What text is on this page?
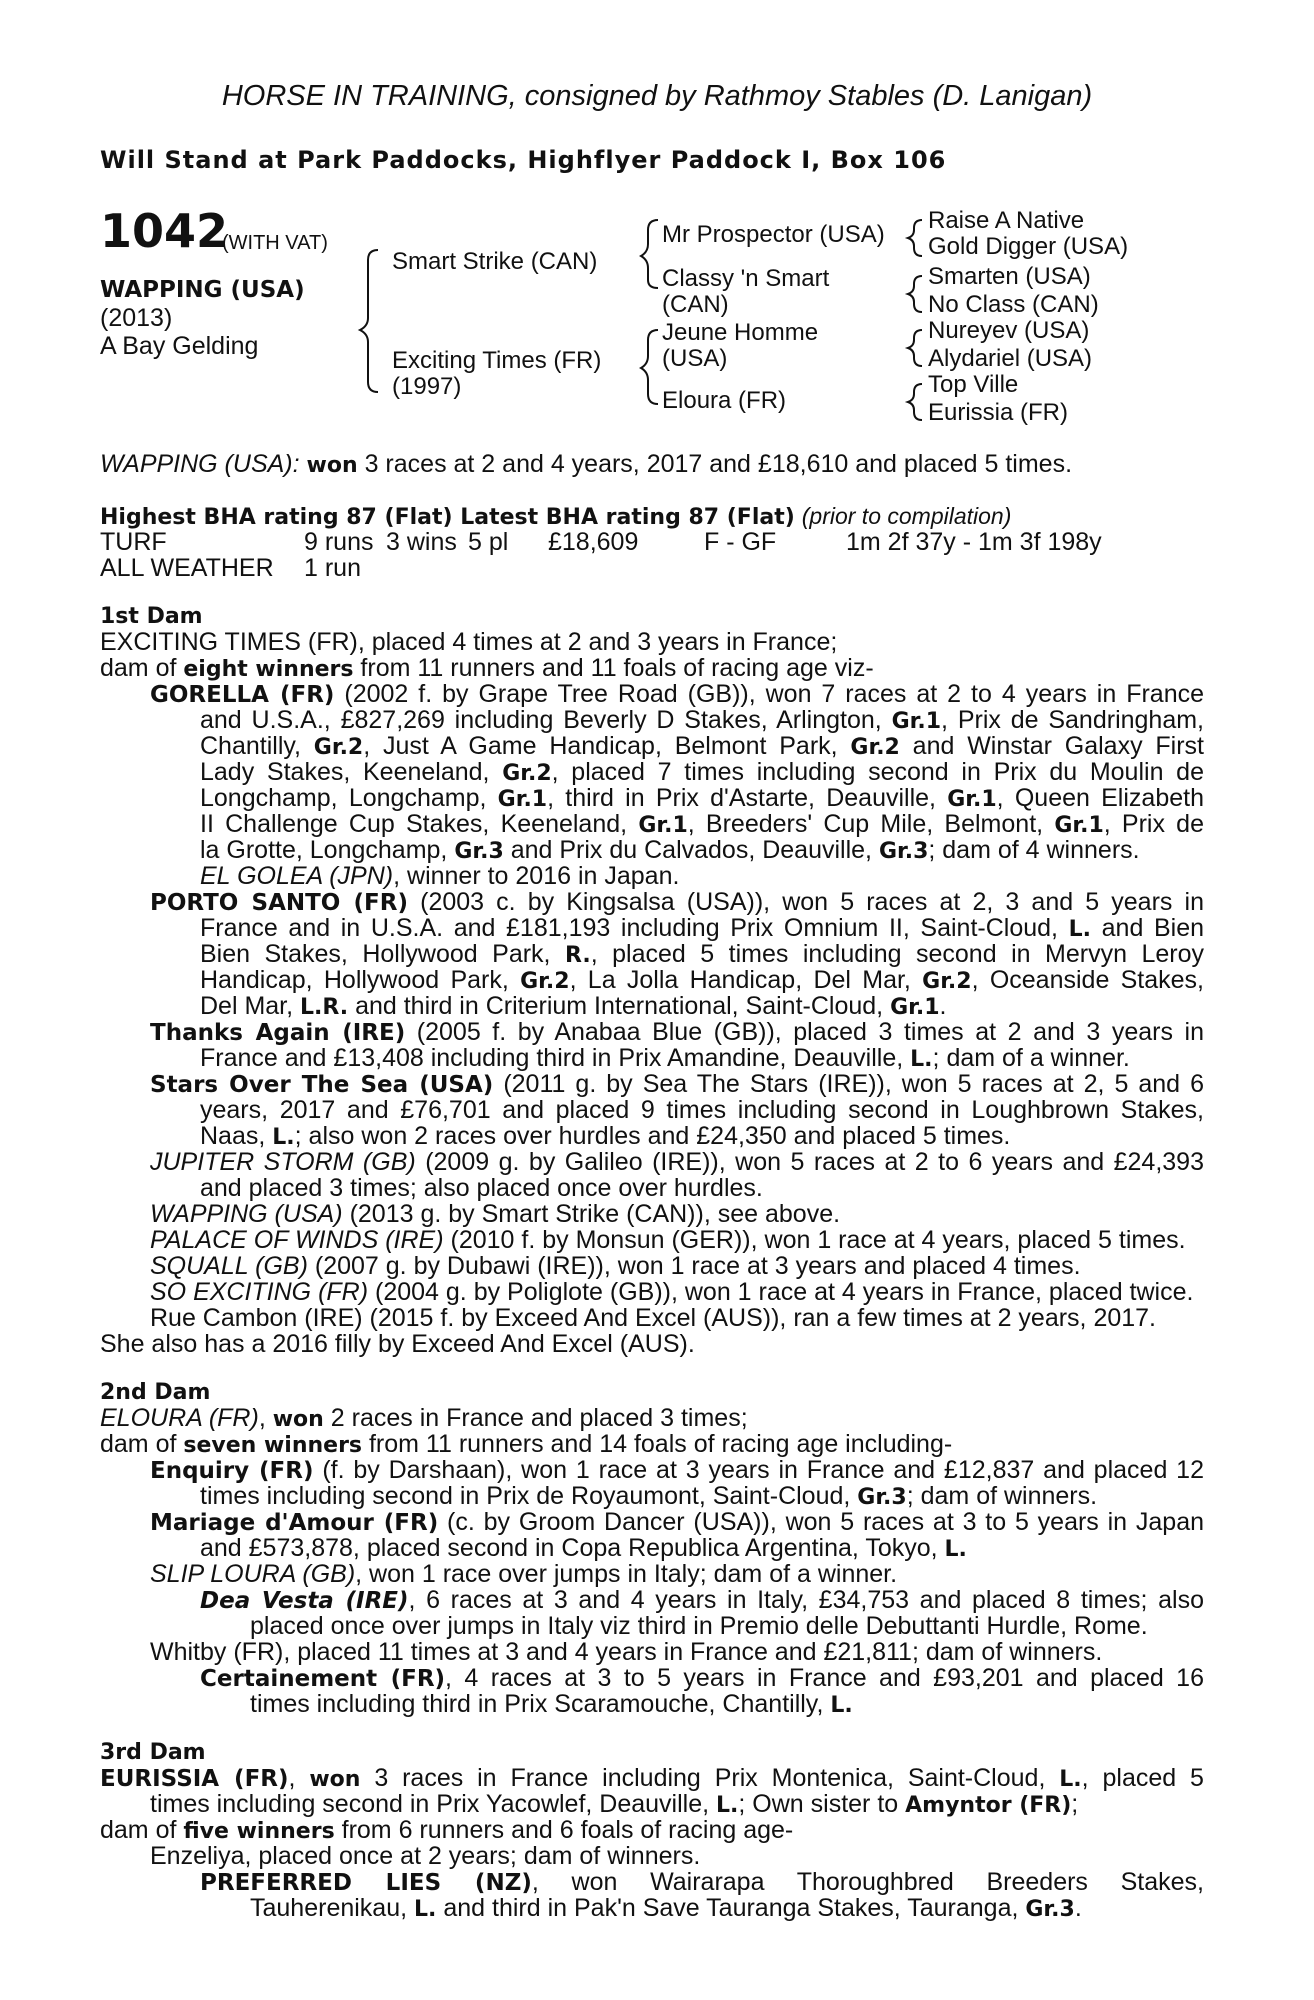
HORSE IN TRAINING, consigned by Rathmoy Stables (D. Lanigan)
Will Stand at Park Paddocks, Highflyer Paddock I, Box 106
1042
(WITH VAT)
WAPPING (USA)
(2013)
A Bay Gelding
Smart Strike (CAN)
Exciting Times (FR)
(1997)
Mr Prospector (USA)
Classy 'n Smart
(CAN)
Jeune Homme
(USA)
Eloura (FR)
Raise A Native
Gold Digger (USA)
Smarten (USA)
No Class (CAN)
Nureyev (USA)
Alydariel (USA)
Top Ville
Eurissia (FR)
WAPPING (USA): won 3 races at 2 and 4 years, 2017 and £18,610 and placed 5 times.
Highest BHA rating 87 (Flat) Latest BHA rating 87 (Flat) (prior to compilation)
TURF	9 runs 3 wins 5 pl £18,609	F - GF	1m 2f 37y - 1m 3f 198y
ALL WEATHER 1 run
1st Dam
EXCITING TIMES (FR), placed 4 times at 2 and 3 years in France;
dam of eight winners from 11 runners and 11 foals of racing age viz-
GORELLA (FR) (2002 f. by Grape Tree Road (GB)), won 7 races at 2 to 4 years in France
and U.S.A., £827,269 including Beverly D Stakes, Arlington, Gr.1, Prix de Sandringham,
Chantilly, Gr.2, Just A Game Handicap, Belmont Park, Gr.2 and Winstar Galaxy First
Lady Stakes, Keeneland, Gr.2, placed 7 times including second in Prix du Moulin de
Longchamp, Longchamp, Gr.1, third in Prix d'Astarte, Deauville, Gr.1, Queen Elizabeth
II Challenge Cup Stakes, Keeneland, Gr.1, Breeders' Cup Mile, Belmont, Gr.1, Prix de
la Grotte, Longchamp, Gr.3 and Prix du Calvados, Deauville, Gr.3; dam of 4 winners.
EL GOLEA (JPN), winner to 2016 in Japan.
PORTO SANTO (FR) (2003 c. by Kingsalsa (USA)), won 5 races at 2, 3 and 5 years in
France and in U.S.A. and £181,193 including Prix Omnium II, Saint-Cloud, L. and Bien
Bien Stakes, Hollywood Park, R., placed 5 times including second in Mervyn Leroy
Handicap, Hollywood Park, Gr.2, La Jolla Handicap, Del Mar, Gr.2, Oceanside Stakes,
Del Mar, L.R. and third in Criterium International, Saint-Cloud, Gr.1.
Thanks Again (IRE) (2005 f. by Anabaa Blue (GB)), placed 3 times at 2 and 3 years in
France and £13,408 including third in Prix Amandine, Deauville, L.; dam of a winner.
Stars Over The Sea (USA) (2011 g. by Sea The Stars (IRE)), won 5 races at 2, 5 and 6
years, 2017 and £76,701 and placed 9 times including second in Loughbrown Stakes,
Naas, L.; also won 2 races over hurdles and £24,350 and placed 5 times.
JUPITER STORM (GB) (2009 g. by Galileo (IRE)), won 5 races at 2 to 6 years and £24,393
and placed 3 times; also placed once over hurdles.
WAPPING (USA) (2013 g. by Smart Strike (CAN)), see above.
PALACE OF WINDS (IRE) (2010 f. by Monsun (GER)), won 1 race at 4 years, placed 5 times.
SQUALL (GB) (2007 g. by Dubawi (IRE)), won 1 race at 3 years and placed 4 times.
SO EXCITING (FR) (2004 g. by Poliglote (GB)), won 1 race at 4 years in France, placed twice.
Rue Cambon (IRE) (2015 f. by Exceed And Excel (AUS)), ran a few times at 2 years, 2017.
She also has a 2016 filly by Exceed And Excel (AUS).
2nd Dam
ELOURA (FR), won 2 races in France and placed 3 times;
dam of seven winners from 11 runners and 14 foals of racing age including-
Enquiry (FR) (f. by Darshaan), won 1 race at 3 years in France and £12,837 and placed 12
times including second in Prix de Royaumont, Saint-Cloud, Gr.3; dam of winners.
Mariage d'Amour (FR) (c. by Groom Dancer (USA)), won 5 races at 3 to 5 years in Japan
and £573,878, placed second in Copa Republica Argentina, Tokyo, L.
SLIP LOURA (GB), won 1 race over jumps in Italy; dam of a winner.
Dea Vesta (IRE), 6 races at 3 and 4 years in Italy, £34,753 and placed 8 times; also
placed once over jumps in Italy viz third in Premio delle Debuttanti Hurdle, Rome.
Whitby (FR), placed 11 times at 3 and 4 years in France and £21,811; dam of winners.
Certainement (FR), 4 races at 3 to 5 years in France and £93,201 and placed 16
times including third in Prix Scaramouche, Chantilly, L.
3rd Dam
EURISSIA (FR), won 3 races in France including Prix Montenica, Saint-Cloud, L., placed 5
times including second in Prix Yacowlef, Deauville, L.; Own sister to Amyntor (FR);
dam of five winners from 6 runners and 6 foals of racing age-
Enzeliya, placed once at 2 years; dam of winners.
PREFERRED LIES (NZ), won Wairarapa Thoroughbred Breeders Stakes,
Tauherenikau, L. and third in Pak'n Save Tauranga Stakes, Tauranga, Gr.3.
